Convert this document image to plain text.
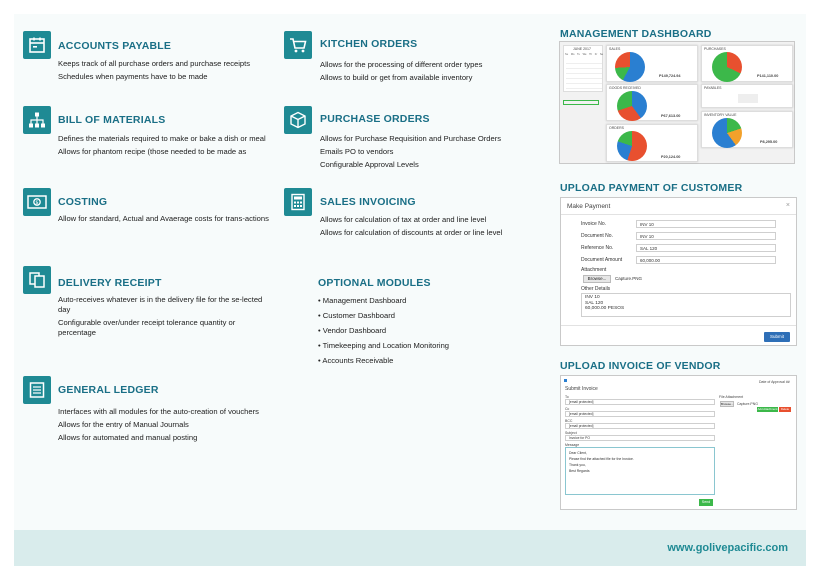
ACCOUNTS PAYABLE

Keeps track of all purchase orders and purchase receipts

Schedules when payments have to be made

BILL OF MATERIALS

Defines the materials required to make or bake a dish or meal

Allows for phantom recipe (those needed to be made as

$ COSTING

Allow for standard, Actual and Avaerage costs for trans-actions

DELIVERY RECEIPT

Auto-receives whatever is in the delivery file for the se-lected day

Configurable over/under receipt tolerance quantity or percentage

GENERAL LEDGER

Interfaces with all modules for the auto-creation of vouchers

Allows for the entry of Manual Journals

Allows for automated and manual posting

KITCHEN ORDERS

Allows for the processing of different order types

Allows to build or get from available inventory

PURCHASE ORDERS

Allows for Purchase Requisition and Purchase Orders

Emails PO to vendors

Configurable Approval Levels

SALES INVOICING

Allows for calculation of tax at order and line level

Allows for calculation of discounts at order or line level

OPTIONAL MODULES
• Management Dashboard
• Customer Dashboard
• Vendor Dashboard
• Timekeeping and Location Monitoring
• Accounts Receivable
MANAGEMENT DASHBOARD
JUNE 2017
Su Mo Tu We Th Fr Sa
SALES
P149,724.94
PURCHASES
P141,110.00
GOODS RECEIVED
P67,613.00
PAYABLES
ORDERS
P20,124.00
INVENTORY VALUE
P8,295.00
UPLOAD PAYMENT OF CUSTOMER
Make Payment	×
Invoice No.	INV 10
Document No.	INV 10
Reference No.	SAL 120
Document Amount	60,000.00
Attachment
Browse...	Capture.PNG
Other Details
INV 10
SAL 120
60,000.00 PESOS
Submit
UPLOAD INVOICE OF VENDOR
Submit Invoice
Date of Approval ##
To
[email protected]
Cc
[email protected]
BCC
[email protected]
Subject
Invoice for PO
Message
Dear Client,
Please find the attached file for the Invoice.
Thank you,
Best Regards
File Attachment
Browse... Capture.PNG
Add Attachment	Delete
Send
www.golivepacific.com
